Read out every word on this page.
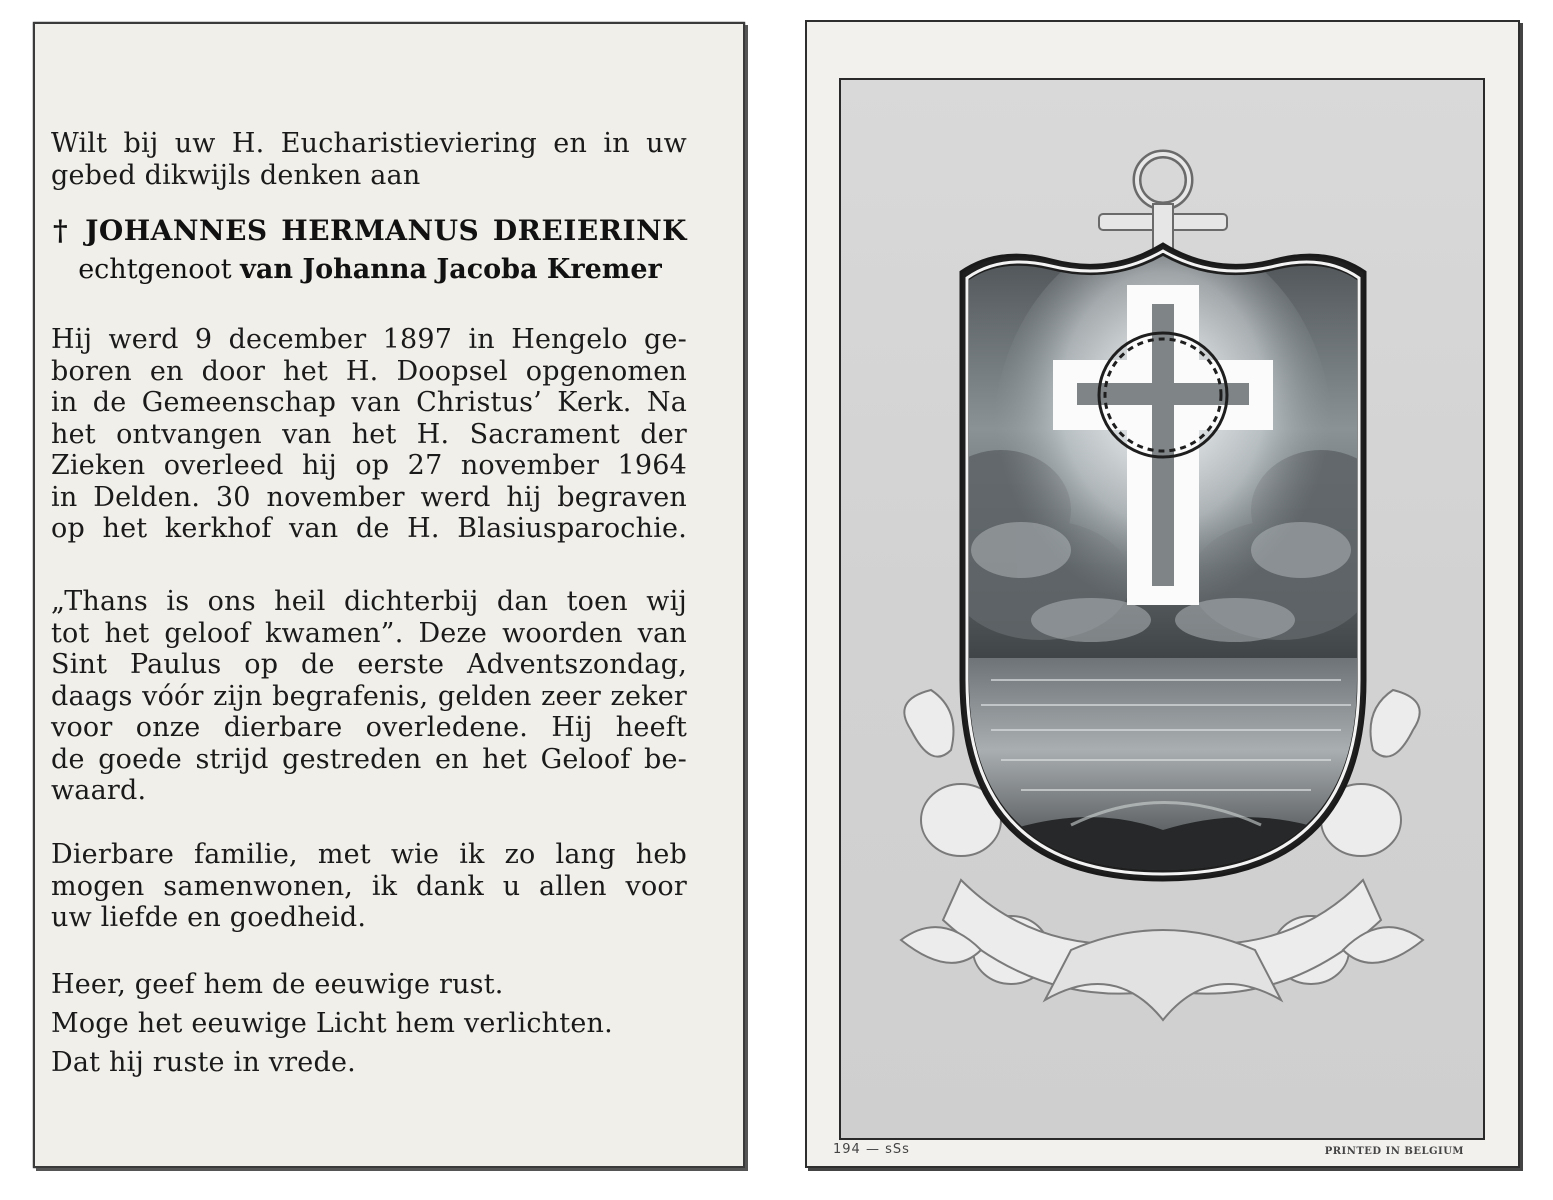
Wilt bij uw H. Eucharistieviering en in uw
gebed dikwijls denken aan
† JOHANNES HERMANUS DREIERINK
echtgenoot van Johanna Jacoba Kremer
Hij werd 9 december 1897 in Hengelo ge-
boren en door het H. Doopsel opgenomen
in de Gemeenschap van Christus’ Kerk. Na
het ontvangen van het H. Sacrament der
Zieken overleed hij op 27 november 1964
in Delden. 30 november werd hij begraven
op het kerkhof van de H. Blasiusparochie.
„Thans is ons heil dichterbij dan toen wij
tot het geloof kwamen”. Deze woorden van
Sint Paulus op de eerste Adventszondag,
daags vóór zijn begrafenis, gelden zeer zeker
voor onze dierbare overledene. Hij heeft
de goede strijd gestreden en het Geloof be-
waard.
Dierbare familie, met wie ik zo lang heb
mogen samenwonen, ik dank u allen voor
uw liefde en goedheid.
Heer, geef hem de eeuwige rust.
Moge het eeuwige Licht hem verlichten.
Dat hij ruste in vrede.
194 — sSs	PRINTED IN BELGIUM
